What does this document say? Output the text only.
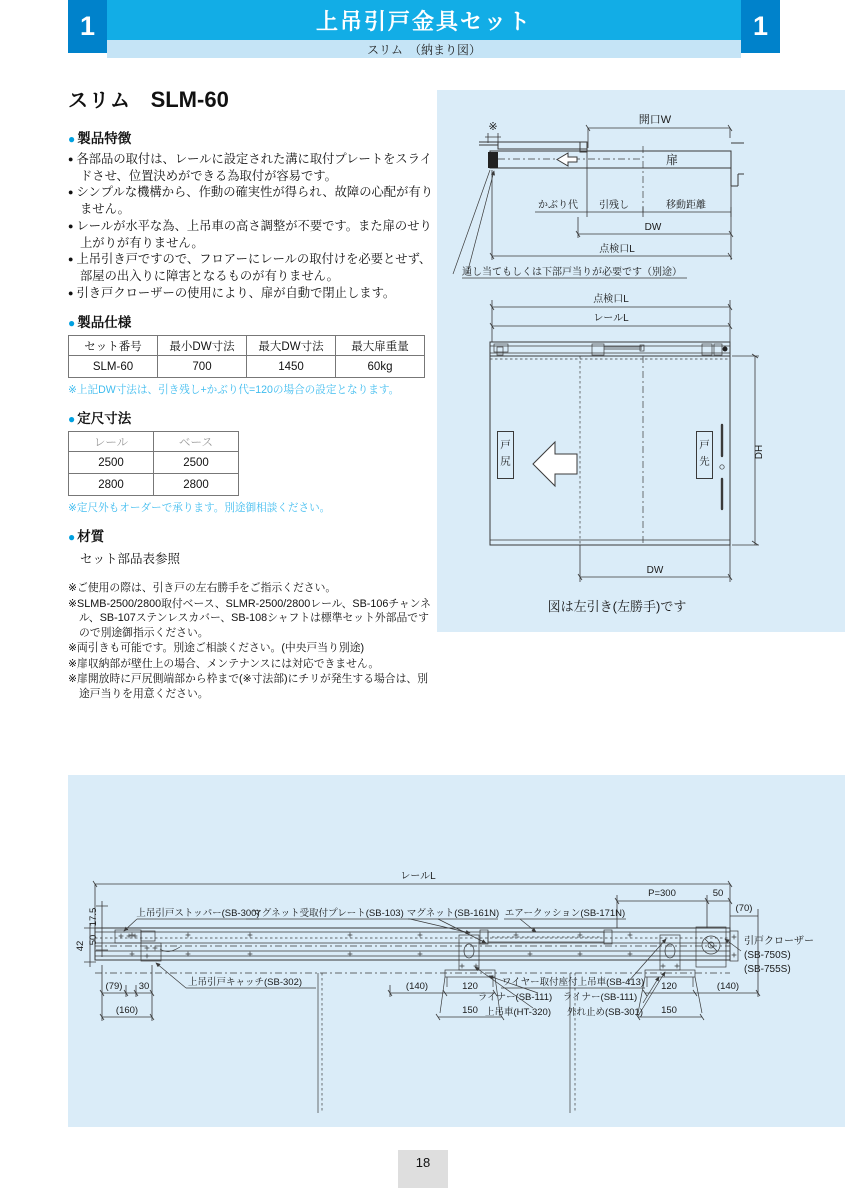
1	上吊引戸金具セット	1
スリム　（納まり図）
スリム SLM-60
● 製品特徴
● 各部品の取付は、レールに設定された溝に取付プレートをスライドさせ、位置決めができる為取付が容易です。
● シンプルな機構から、作動の確実性が得られ、故障の心配が有りません。
● レールが水平な為、上吊車の高さ調整が不要です。また扉のせり上がりが有りません。
● 上吊引き戸ですので、フロアーにレールの取付けを必要とせず、部屋の出入りに障害となるものが有りません。
● 引き戸クローザーの使用により、扉が自動で閉止します。
● 製品仕様
セット番号	最小DW寸法	最大DW寸法	最大扉重量
SLM-60	700	1450	60kg
※上記DW寸法は、引き残し+かぶり代=120の場合の設定となります。
● 定尺寸法
レール	ベース
2500	2500
2800	2800
※定尺外もオーダーで承ります。別途御相談ください。
● 材質
セット部品表参照

※ご使用の際は、引き戸の左右勝手をご指示ください。

※SLMB-2500/2800取付ベース、SLMR-2500/2800レール、SB-106チャンネル、SB-107ステンレスカバー、SB-108シャフトは標準セット外部品ですので別途御指示ください。

※両引きも可能です。別途ご相談ください。(中央戸当り別途)

※扉収納部が壁仕上の場合、メンテナンスには対応できません。

※扉開放時に戸尻側端部から枠まで(※寸法部)にチリが発生する場合は、別途戸当りを用意ください。

※
開口W
扉
かぶり代 引残し	移動距離
DW
点検口L
通し当てもしくは下部戸当りが必要です（別途）
点検口L
レールL
DH
DW
図は左引き(左勝手)です
戸尻	戸先
レールL
P=300	50
(70)
17.5
50
42
上吊引戸ストッパー(SB-300)
マグネット受取付プレート(SB-103) マグネット(SB-161N) エアークッション(SB-171N)
上吊引戸キャッチ(SB-302)	ワイヤー取付座付上吊車(SB-413)
ライナー(SB-111) ライナー(SB-111)
上吊車(HT-320) 外れ止め(SB-301)
引戸クローザー
(SB-750S)
(SB-755S)
(79) 30
(160)
(140)	120
150
120	(140)
150
18
